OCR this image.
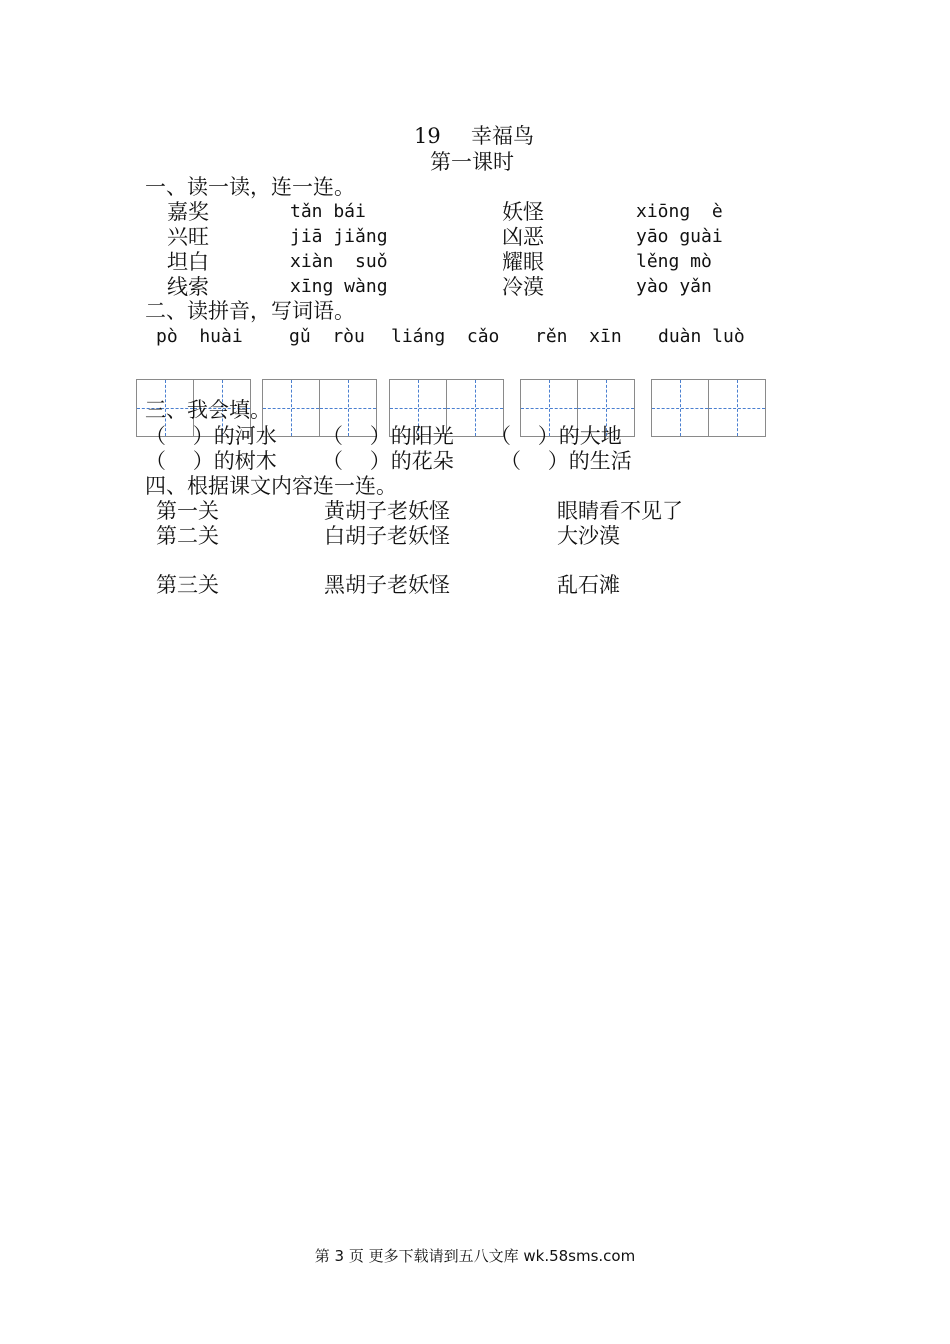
19 幸福鸟
第一课时
一、读一读，连一连。
嘉奖	tǎn bái	妖怪	xiōng  è
兴旺	jiā jiǎng	凶恶	yāo guài
坦白	xiàn  suǒ	耀眼	lěng mò
线索	xīng wàng	冷漠	yào yǎn
二、读拼音，写词语。
pò  huài	gǔ  ròu liáng  cǎo rěn  xīn duàn luò
三、我会填。
（    ）的河水 （    ）的阳光 （    ）的大地
（    ）的树木 （    ）的花朵 （    ）的生活
四、根据课文内容连一连。
第一关	黄胡子老妖怪	眼睛看不见了
第二关	白胡子老妖怪	大沙漠
第三关	黑胡子老妖怪	乱石滩
第 3 页 更多下载请到五八文库 wk.58sms.com
